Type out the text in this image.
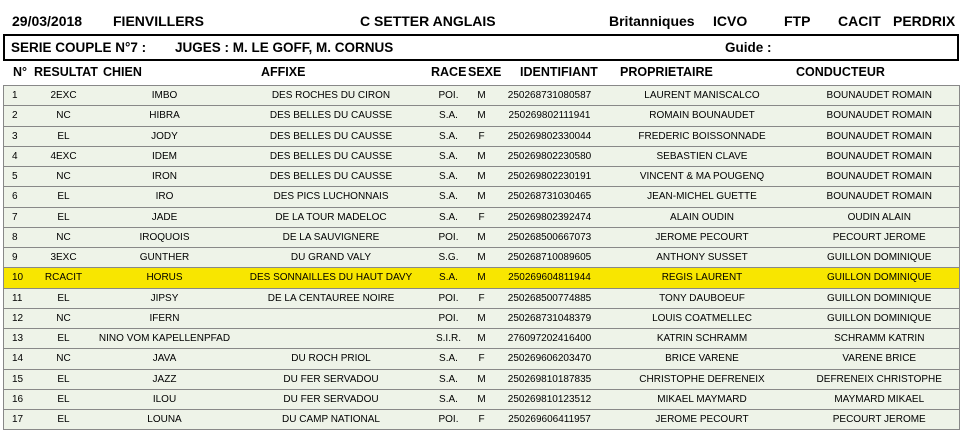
29/03/2018 FIENVILLERS	C SETTER ANGLAIS	Britanniques ICVO	FTP CACIT PERDRIX
SERIE COUPLE N°7 : JUGES : M. LE GOFF, M. CORNUS	Guide :
N° RESULTAT CHIEN	AFFIXE	RACE SEXE IDENTIFIANT PROPRIETAIRE	CONDUCTEUR
1	2EXC	IMBO	DES ROCHES DU CIRON	POI.	M	250268731080587	LAURENT MANISCALCO	BOUNAUDET ROMAIN
2	NC	HIBRA	DES BELLES DU CAUSSE	S.A.	M	250269802111941	ROMAIN BOUNAUDET	BOUNAUDET ROMAIN
3	EL	JODY	DES BELLES DU CAUSSE	S.A.	F	250269802330044	FREDERIC BOISSONNADE	BOUNAUDET ROMAIN
4	4EXC	IDEM	DES BELLES DU CAUSSE	S.A.	M	250269802230580	SEBASTIEN CLAVE	BOUNAUDET ROMAIN
5	NC	IRON	DES BELLES DU CAUSSE	S.A.	M	250269802230191	VINCENT & MA POUGENQ	BOUNAUDET ROMAIN
6	EL	IRO	DES PICS LUCHONNAIS	S.A.	M	250268731030465	JEAN-MICHEL GUETTE	BOUNAUDET ROMAIN
7	EL	JADE	DE LA TOUR MADELOC	S.A.	F	250269802392474	ALAIN OUDIN	OUDIN ALAIN
8	NC	IROQUOIS	DE LA SAUVIGNERE	POI.	M	250268500667073	JEROME PECOURT	PECOURT JEROME
9	3EXC	GUNTHER	DU GRAND VALY	S.G.	M	250268710089605	ANTHONY SUSSET	GUILLON DOMINIQUE
10	RCACIT	HORUS	DES SONNAILLES DU HAUT DAVY	S.A.	M	250269604811944	REGIS LAURENT	GUILLON DOMINIQUE
11	EL	JIPSY	DE LA CENTAUREE NOIRE	POI.	F	250268500774885	TONY DAUBOEUF	GUILLON DOMINIQUE
12	NC	IFERN		POI.	M	250268731048379	LOUIS COATMELLEC	GUILLON DOMINIQUE
13	EL	NINO VOM KAPELLENPFAD		S.I.R.	M	276097202416400	KATRIN SCHRAMM	SCHRAMM KATRIN
14	NC	JAVA	DU ROCH PRIOL	S.A.	F	250269606203470	BRICE VARENE	VARENE BRICE
15	EL	JAZZ	DU FER SERVADOU	S.A.	M	250269810187835	CHRISTOPHE DEFRENEIX	DEFRENEIX CHRISTOPHE
16	EL	ILOU	DU FER SERVADOU	S.A.	M	250269810123512	MIKAEL MAYMARD	MAYMARD MIKAEL
17	EL	LOUNA	DU CAMP NATIONAL	POI.	F	250269606411957	JEROME PECOURT	PECOURT JEROME
